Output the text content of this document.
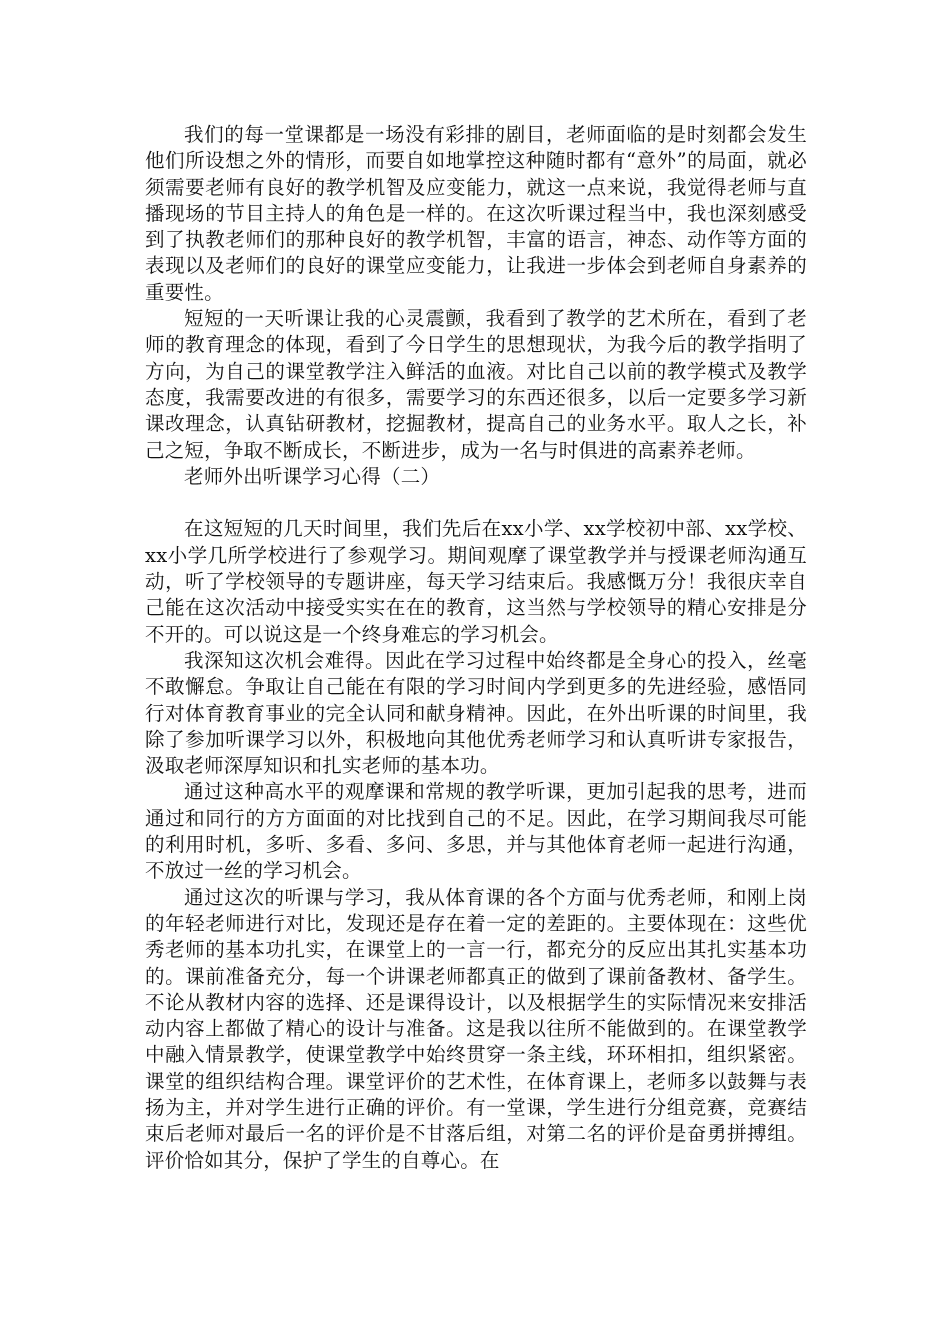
我们的每一堂课都是一场没有彩排的剧目，老师面临的是时刻都会发生他们所设想之外的情形，而要自如地掌控这种随时都有“意外”的局面，就必须需要老师有良好的教学机智及应变能力，就这一点来说，我觉得老师与直播现场的节目主持人的角色是一样的。在这次听课过程当中，我也深刻感受到了执教老师们的那种良好的教学机智，丰富的语言，神态、动作等方面的表现以及老师们的良好的课堂应变能力，让我进一步体会到老师自身素养的重要性。

短短的一天听课让我的心灵震颤，我看到了教学的艺术所在，看到了老师的教育理念的体现，看到了今日学生的思想现状，为我今后的教学指明了方向，为自己的课堂教学注入鲜活的血液。对比自己以前的教学模式及教学态度，我需要改进的有很多，需要学习的东西还很多，以后一定要多学习新课改理念，认真钻研教材，挖掘教材，提高自己的业务水平。取人之长，补己之短，争取不断成长，不断进步，成为一名与时俱进的高素养老师。

老师外出听课学习心得（二）

在这短短的几天时间里，我们先后在xx小学、xx学校初中部、xx学校、xx小学几所学校进行了参观学习。期间观摩了课堂教学并与授课老师沟通互动，听了学校领导的专题讲座，每天学习结束后。我感慨万分！我很庆幸自己能在这次活动中接受实实在在的教育，这当然与学校领导的精心安排是分不开的。可以说这是一个终身难忘的学习机会。

我深知这次机会难得。因此在学习过程中始终都是全身心的投入，丝毫不敢懈怠。争取让自己能在有限的学习时间内学到更多的先进经验，感悟同行对体育教育事业的完全认同和献身精神。因此，在外出听课的时间里，我除了参加听课学习以外，积极地向其他优秀老师学习和认真听讲专家报告，汲取老师深厚知识和扎实老师的基本功。

通过这种高水平的观摩课和常规的教学听课，更加引起我的思考，进而通过和同行的方方面面的对比找到自己的不足。因此，在学习期间我尽可能的利用时机，多听、多看、多问、多思，并与其他体育老师一起进行沟通，不放过一丝的学习机会。

通过这次的听课与学习，我从体育课的各个方面与优秀老师，和刚上岗的年轻老师进行对比，发现还是存在着一定的差距的。主要体现在：这些优秀老师的基本功扎实，在课堂上的一言一行，都充分的反应出其扎实基本功的。课前准备充分，每一个讲课老师都真正的做到了课前备教材、备学生。不论从教材内容的选择、还是课得设计，以及根据学生的实际情况来安排活动内容上都做了精心的设计与准备。这是我以往所不能做到的。在课堂教学中融入情景教学，使课堂教学中始终贯穿一条主线，环环相扣，组织紧密。课堂的组织结构合理。课堂评价的艺术性，在体育课上，老师多以鼓舞与表扬为主，并对学生进行正确的评价。有一堂课，学生进行分组竞赛，竞赛结束后老师对最后一名的评价是不甘落后组，对第二名的评价是奋勇拼搏组。评价恰如其分，保护了学生的自尊心。在
